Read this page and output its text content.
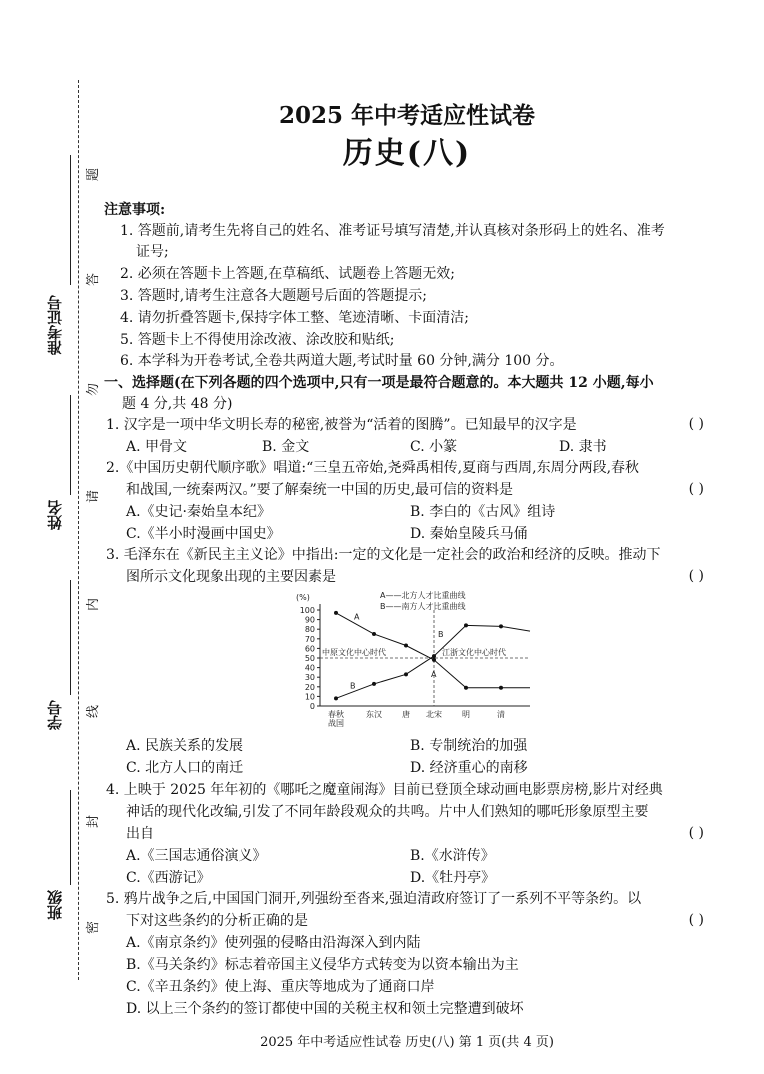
准考证号
姓名
学号
班级
题
答
勿
请
内
线
封
密
2025 年中考适应性试卷
历史(八)
注意事项:
1. 答题前,请考生先将自己的姓名、准考证号填写清楚,并认真核对条形码上的姓名、准考
证号;
2. 必须在答题卡上答题,在草稿纸、试题卷上答题无效;
3. 答题时,请考生注意各大题题号后面的答题提示;
4. 请勿折叠答题卡,保持字体工整、笔迹清晰、卡面清洁;
5. 答题卡上不得使用涂改液、涂改胶和贴纸;
6. 本学科为开卷考试,全卷共两道大题,考试时量 60 分钟,满分 100 分。
一、选择题(在下列各题的四个选项中,只有一项是最符合题意的。本大题共 12 小题,每小
题 4 分,共 48 分)
1. 汉字是一项中华文明长寿的秘密,被誉为“活着的图腾”。已知最早的汉字是	( )
A. 甲骨文	B. 金文	C. 小篆	D. 隶书
2.《中国历史朝代顺序歌》唱道:“三皇五帝始,尧舜禹相传,夏商与西周,东周分两段,春秋
和战国,一统秦两汉。”要了解秦统一中国的历史,最可信的资料是	( )
A.《史记·秦始皇本纪》	B. 李白的《古风》组诗
C.《半小时漫画中国史》	D. 秦始皇陵兵马俑
3. 毛泽东在《新民主主义论》中指出:一定的文化是一定社会的政治和经济的反映。推动下
图所示文化现象出现的主要因素是	( )
(%)
0
10
20
30
40
50
60
70
80
90
100
中原文化中心时代	江浙文化中心时代
A——北方人才比重曲线
B——南方人才比重曲线
春秋
战国
东汉	唐 北宋	明	清
A
A
B
B
A. 民族关系的发展	B. 专制统治的加强
C. 北方人口的南迁	D. 经济重心的南移
4. 上映于 2025 年年初的《哪吒之魔童闹海》目前已登顶全球动画电影票房榜,影片对经典
神话的现代化改编,引发了不同年龄段观众的共鸣。片中人们熟知的哪吒形象原型主要
出自	( )
A.《三国志通俗演义》	B.《水浒传》
C.《西游记》	D.《牡丹亭》
5. 鸦片战争之后,中国国门洞开,列强纷至沓来,强迫清政府签订了一系列不平等条约。以
下对这些条约的分析正确的是	( )
A.《南京条约》使列强的侵略由沿海深入到内陆
B.《马关条约》标志着帝国主义侵华方式转变为以资本输出为主
C.《辛丑条约》使上海、重庆等地成为了通商口岸
D. 以上三个条约的签订都使中国的关税主权和领土完整遭到破坏
2025 年中考适应性试卷 历史(八) 第 1 页(共 4 页)
